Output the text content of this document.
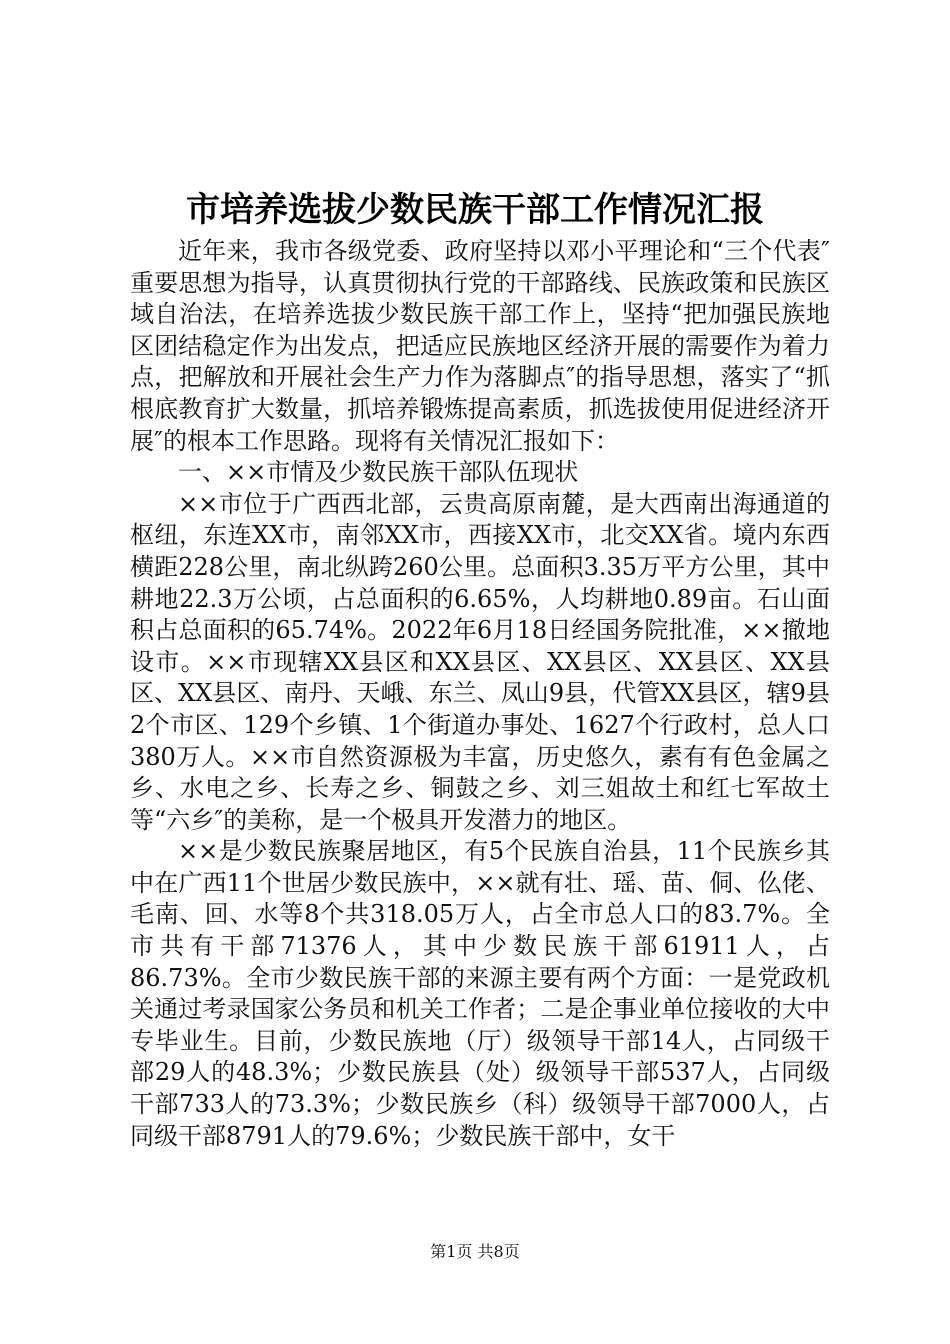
市培养选拔少数民族干部工作情况汇报

近年来，我市各级党委、政府坚持以邓小平理论和“三个代表″重要思想为指导，认真贯彻执行党的干部路线、民族政策和民族区域自治法，在培养选拔少数民族干部工作上，坚持“把加强民族地区团结稳定作为出发点，把适应民族地区经济开展的需要作为着力点，把解放和开展社会生产力作为落脚点″的指导思想，落实了“抓根底教育扩大数量，抓培养锻炼提高素质，抓选拔使用促进经济开展″的根本工作思路。现将有关情况汇报如下：

一、××市情及少数民族干部队伍现状

××市位于广西西北部，云贵高原南麓，是大西南出海通道的枢纽，东连XX市，南邻XX市，西接XX市，北交XX省。境内东西横距228公里，南北纵跨260公里。总面积3.35万平方公里，其中耕地22.3万公顷，占总面积的6.65%，人均耕地0.89亩。石山面积占总面积的65.74%。2022年6月18日经国务院批准，××撤地设市。××市现辖XX县区和XX县区、XX县区、XX县区、XX县区、XX县区、南丹、天峨、东兰、凤山9县，代管XX县区，辖9县2个市区、129个乡镇、1个街道办事处、1627个行政村，总人口380万人。××市自然资源极为丰富，历史悠久，素有有色金属之乡、水电之乡、长寿之乡、铜鼓之乡、刘三姐故土和红七军故土等“六乡″的美称，是一个极具开发潜力的地区。

××是少数民族聚居地区，有5个民族自治县，11个民族乡其中在广西11个世居少数民族中，××就有壮、瑶、苗、侗、仫佬、毛南、回、水等8个共318.05万人，占全市总人口的83.7%。全市共有干部71376人，其中少数民族干部61911人，占86.73%。全市少数民族干部的来源主要有两个方面：一是党政机关通过考录国家公务员和机关工作者；二是企事业单位接收的大中专毕业生。目前，少数民族地（厅）级领导干部14人，占同级干部29人的48.3%；少数民族县（处）级领导干部537人，占同级干部733人的73.3%；少数民族乡（科）级领导干部7000人，占同级干部8791人的79.6%；少数民族干部中，女干

第1页 共8页
